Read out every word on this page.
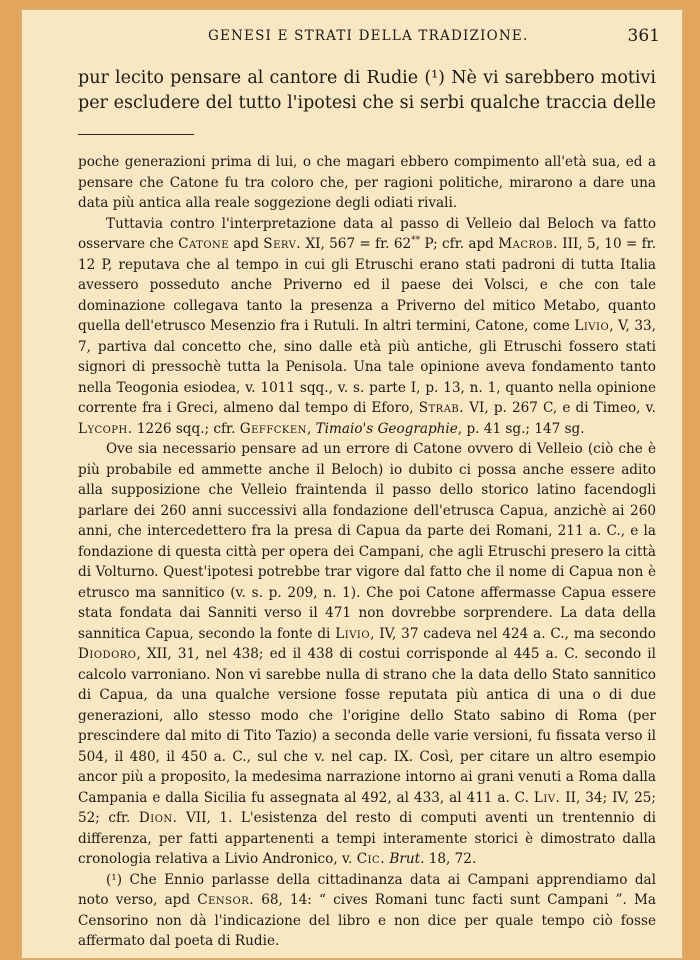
GENESI E STRATI DELLA TRADIZIONE.	361

pur lecito pensare al cantore di Rudie (¹) Nè vi sarebbero motivi

per escludere del tutto l'ipotesi che si serbi qualche traccia delle

poche generazioni prima di lui, o che magari ebbero compimento all'età sua, ed a pensare che Catone fu tra coloro che, per ragioni politiche, mirarono a dare una data più antica alla reale soggezione degli odiati rivali.

Tuttavia contro l'interpretazione data al passo di Velleio dal Beloch va fatto osservare che Catone apd Serv. XI, 567 = fr. 62** P; cfr. apd Macrob. III, 5, 10 = fr. 12 P, reputava che al tempo in cui gli Etruschi erano stati padroni di tutta Italia avessero posseduto anche Priverno ed il paese dei Volsci, e che con tale dominazione collegava tanto la presenza a Priverno del mitico Metabo, quanto quella dell'etrusco Mesenzio fra i Rutuli. In altri termini, Catone, come Livio, V, 33, 7, partiva dal concetto che, sino dalle età più antiche, gli Etruschi fossero stati signori di pressochè tutta la Penisola. Una tale opinione aveva fondamento tanto nella Teogonia esiodea, v. 1011 sqq., v. s. parte I, p. 13, n. 1, quanto nella opinione corrente fra i Greci, almeno dal tempo di Eforo, Strab. VI, p. 267 C, e di Timeo, v. Lycoph. 1226 sqq.; cfr. Geffcken, Timaio's Geographie, p. 41 sg.; 147 sg.

Ove sia necessario pensare ad un errore di Catone ovvero di Velleio (ciò che è più probabile ed ammette anche il Beloch) io dubito ci possa anche essere adito alla supposizione che Velleio fraintenda il passo dello storico latino facendogli parlare dei 260 anni successivi alla fondazione dell'etrusca Capua, anzichè ai 260 anni, che intercedettero fra la presa di Capua da parte dei Romani, 211 a. C., e la fondazione di questa città per opera dei Campani, che agli Etruschi presero la città di Volturno. Quest'ipotesi potrebbe trar vigore dal fatto che il nome di Capua non è etrusco ma sannitico (v. s. p. 209, n. 1). Che poi Catone affermasse Capua essere stata fondata dai Sanniti verso il 471 non dovrebbe sorprendere. La data della sannitica Capua, secondo la fonte di Livio, IV, 37 cadeva nel 424 a. C., ma secondo Diodoro, XII, 31, nel 438; ed il 438 di costui corrisponde al 445 a. C. secondo il calcolo varroniano. Non vi sarebbe nulla di strano che la data dello Stato sannitico di Capua, da una qualche versione fosse reputata più antica di una o di due generazioni, allo stesso modo che l'origine dello Stato sabino di Roma (per prescindere dal mito di Tito Tazio) a seconda delle varie versioni, fu fissata verso il 504, il 480, il 450 a. C., sul che v. nel cap. IX. Così, per citare un altro esempio ancor più a proposito, la medesima narrazione intorno ai grani venuti a Roma dalla Campania e dalla Sicilia fu assegnata al 492, al 433, al 411 a. C. Liv. II, 34; IV, 25; 52; cfr. Dion. VII, 1. L'esistenza del resto di computi aventi un trentennio di differenza, per fatti appartenenti a tempi interamente storici è dimostrato dalla cronologia relativa a Livio Andronico, v. Cic. Brut. 18, 72.

(¹) Che Ennio parlasse della cittadinanza data ai Campani apprendiamo dal noto verso, apd Censor. 68, 14: “ cives Romani tunc facti sunt Campani ”. Ma Censorino non dà l'indicazione del libro e non dice per quale tempo ciò fosse affermato dal poeta di Rudie.
